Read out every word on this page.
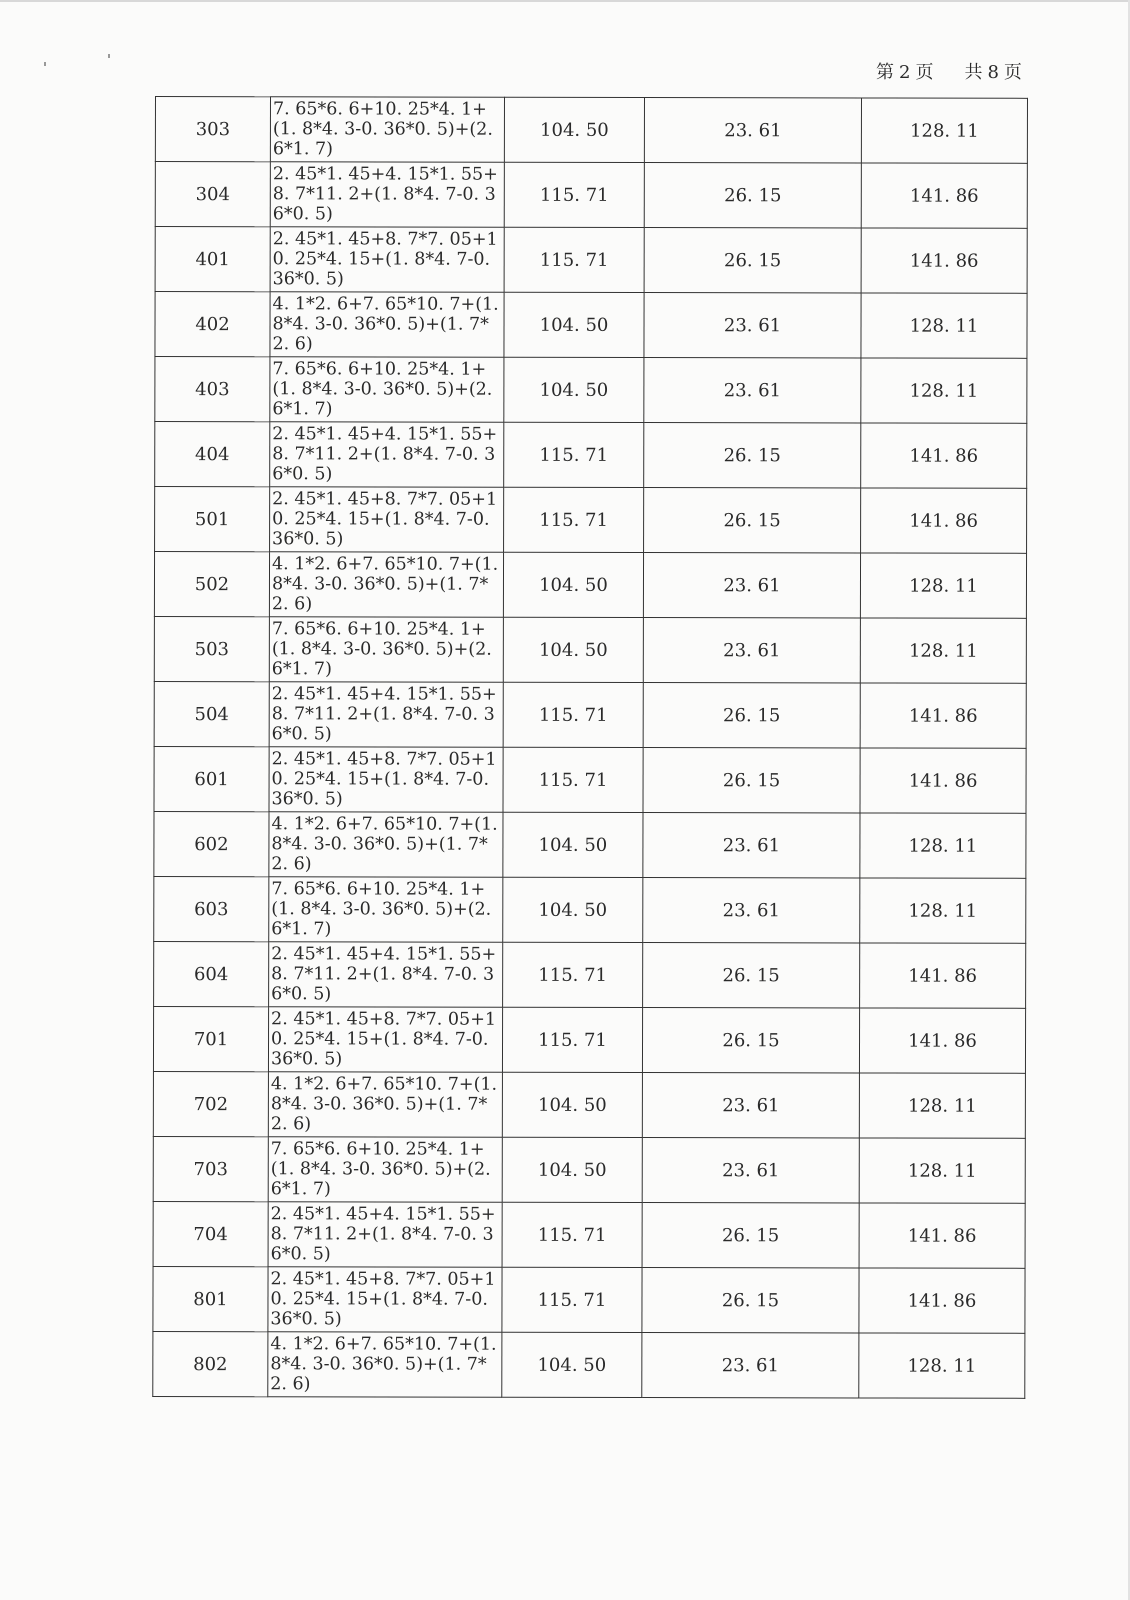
第 2 页 共 8 页
303	7. 65*6. 6+10. 25*4. 1+(1. 8*4. 3-0. 36*0. 5)+(2. 6*1. 7)	104. 50	23. 61	128. 11
304	2. 45*1. 45+4. 15*1. 55+8. 7*11. 2+(1. 8*4. 7-0. 36*0. 5)	115. 71	26. 15	141. 86
401	2. 45*1. 45+8. 7*7. 05+10. 25*4. 15+(1. 8*4. 7-0. 36*0. 5)	115. 71	26. 15	141. 86
402	4. 1*2. 6+7. 65*10. 7+(1. 8*4. 3-0. 36*0. 5)+(1. 7*2. 6)	104. 50	23. 61	128. 11
403	7. 65*6. 6+10. 25*4. 1+(1. 8*4. 3-0. 36*0. 5)+(2. 6*1. 7)	104. 50	23. 61	128. 11
404	2. 45*1. 45+4. 15*1. 55+8. 7*11. 2+(1. 8*4. 7-0. 36*0. 5)	115. 71	26. 15	141. 86
501	2. 45*1. 45+8. 7*7. 05+10. 25*4. 15+(1. 8*4. 7-0. 36*0. 5)	115. 71	26. 15	141. 86
502	4. 1*2. 6+7. 65*10. 7+(1. 8*4. 3-0. 36*0. 5)+(1. 7*2. 6)	104. 50	23. 61	128. 11
503	7. 65*6. 6+10. 25*4. 1+(1. 8*4. 3-0. 36*0. 5)+(2. 6*1. 7)	104. 50	23. 61	128. 11
504	2. 45*1. 45+4. 15*1. 55+8. 7*11. 2+(1. 8*4. 7-0. 36*0. 5)	115. 71	26. 15	141. 86
601	2. 45*1. 45+8. 7*7. 05+10. 25*4. 15+(1. 8*4. 7-0. 36*0. 5)	115. 71	26. 15	141. 86
602	4. 1*2. 6+7. 65*10. 7+(1. 8*4. 3-0. 36*0. 5)+(1. 7*2. 6)	104. 50	23. 61	128. 11
603	7. 65*6. 6+10. 25*4. 1+(1. 8*4. 3-0. 36*0. 5)+(2. 6*1. 7)	104. 50	23. 61	128. 11
604	2. 45*1. 45+4. 15*1. 55+8. 7*11. 2+(1. 8*4. 7-0. 36*0. 5)	115. 71	26. 15	141. 86
701	2. 45*1. 45+8. 7*7. 05+10. 25*4. 15+(1. 8*4. 7-0. 36*0. 5)	115. 71	26. 15	141. 86
702	4. 1*2. 6+7. 65*10. 7+(1. 8*4. 3-0. 36*0. 5)+(1. 7*2. 6)	104. 50	23. 61	128. 11
703	7. 65*6. 6+10. 25*4. 1+(1. 8*4. 3-0. 36*0. 5)+(2. 6*1. 7)	104. 50	23. 61	128. 11
704	2. 45*1. 45+4. 15*1. 55+8. 7*11. 2+(1. 8*4. 7-0. 36*0. 5)	115. 71	26. 15	141. 86
801	2. 45*1. 45+8. 7*7. 05+10. 25*4. 15+(1. 8*4. 7-0. 36*0. 5)	115. 71	26. 15	141. 86
802	4. 1*2. 6+7. 65*10. 7+(1. 8*4. 3-0. 36*0. 5)+(1. 7*2. 6)	104. 50	23. 61	128. 11
